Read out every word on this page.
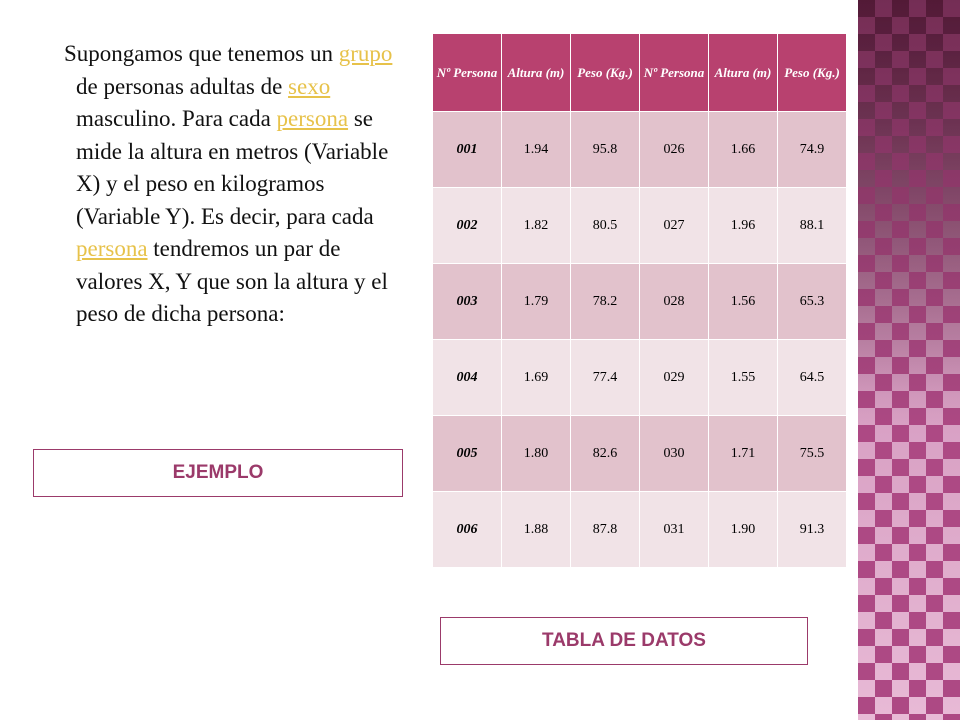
Supongamos que tenemos un grupo de personas adultas de sexo masculino. Para cada persona se mide la altura en metros (Variable X) y el peso en kilogramos (Variable Y). Es decir, para cada persona tendremos un par de valores X, Y que son la altura y el peso de dicha persona:

EJEMPLO
Nº Persona	Altura (m)	Peso (Kg.)	Nº Persona	Altura (m)	Peso (Kg.)
001	1.94	95.8	026	1.66	74.9
002	1.82	80.5	027	1.96	88.1
003	1.79	78.2	028	1.56	65.3
004	1.69	77.4	029	1.55	64.5
005	1.80	82.6	030	1.71	75.5
006	1.88	87.8	031	1.90	91.3
TABLA DE DATOS
